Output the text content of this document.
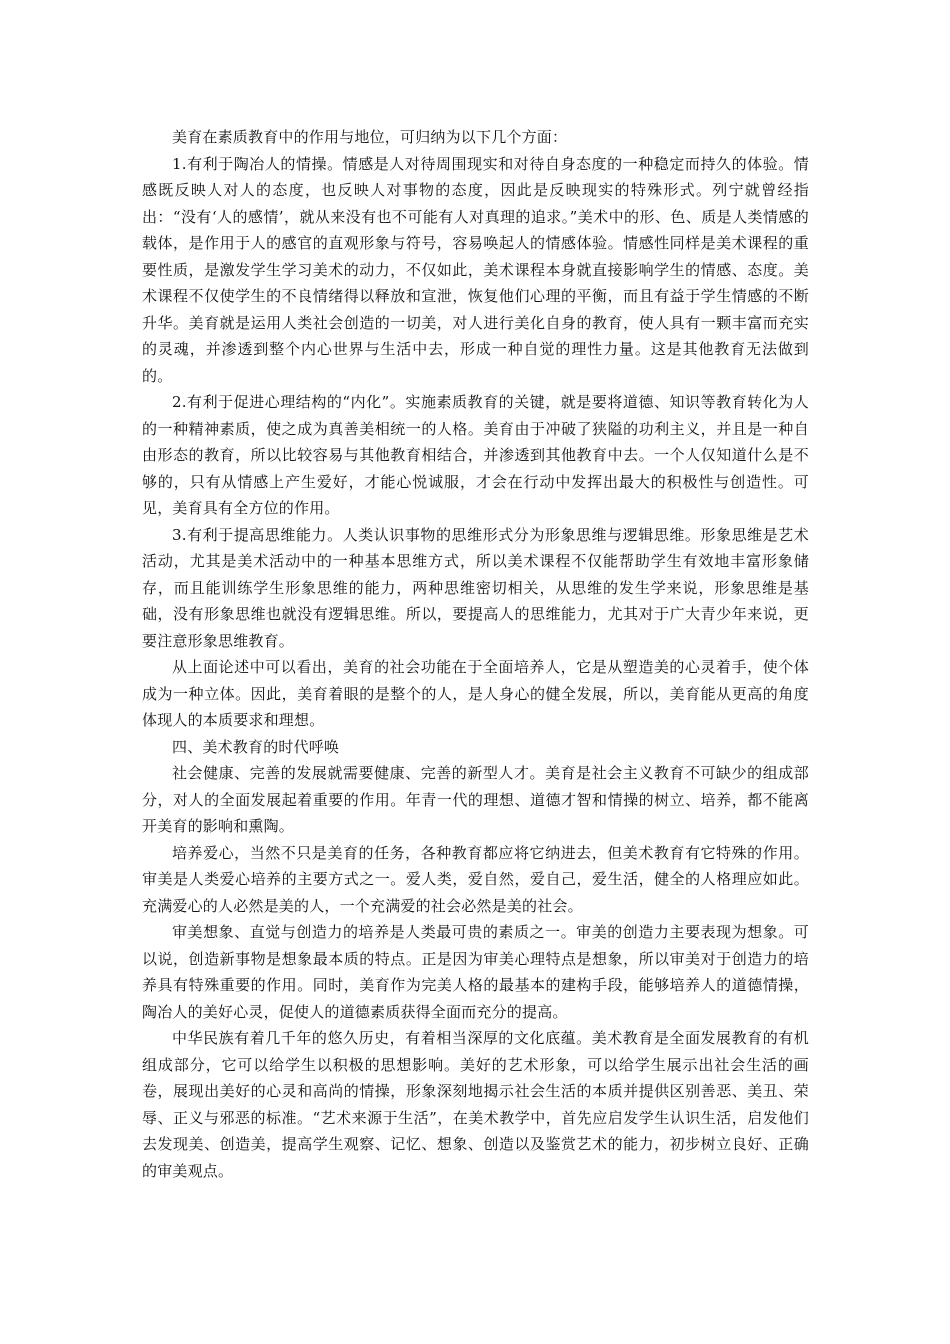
美育在素质教育中的作用与地位，可归纳为以下几个方面：

1.有利于陶冶人的情操。情感是人对待周围现实和对待自身态度的一种稳定而持久的体验。情感既反映人对人的态度，也反映人对事物的态度，因此是反映现实的特殊形式。列宁就曾经指出：“没有‘人的感情’，就从来没有也不可能有人对真理的追求。”美术中的形、色、质是人类情感的载体，是作用于人的感官的直观形象与符号，容易唤起人的情感体验。情感性同样是美术课程的重要性质，是激发学生学习美术的动力，不仅如此，美术课程本身就直接影响学生的情感、态度。美术课程不仅使学生的不良情绪得以释放和宣泄，恢复他们心理的平衡，而且有益于学生情感的不断升华。美育就是运用人类社会创造的一切美，对人进行美化自身的教育，使人具有一颗丰富而充实的灵魂，并渗透到整个内心世界与生活中去，形成一种自觉的理性力量。这是其他教育无法做到的。

2.有利于促进心理结构的“内化”。实施素质教育的关键，就是要将道德、知识等教育转化为人的一种精神素质，使之成为真善美相统一的人格。美育由于冲破了狭隘的功利主义，并且是一种自由形态的教育，所以比较容易与其他教育相结合，并渗透到其他教育中去。一个人仅知道什么是不够的，只有从情感上产生爱好，才能心悦诚服，才会在行动中发挥出最大的积极性与创造性。可见，美育具有全方位的作用。

3.有利于提高思维能力。人类认识事物的思维形式分为形象思维与逻辑思维。形象思维是艺术活动，尤其是美术活动中的一种基本思维方式，所以美术课程不仅能帮助学生有效地丰富形象储存，而且能训练学生形象思维的能力，两种思维密切相关，从思维的发生学来说，形象思维是基础，没有形象思维也就没有逻辑思维。所以，要提高人的思维能力，尤其对于广大青少年来说，更要注意形象思维教育。

从上面论述中可以看出，美育的社会功能在于全面培养人，它是从塑造美的心灵着手，使个体成为一种立体。因此，美育着眼的是整个的人，是人身心的健全发展，所以，美育能从更高的角度体现人的本质要求和理想。

四、美术教育的时代呼唤

社会健康、完善的发展就需要健康、完善的新型人才。美育是社会主义教育不可缺少的组成部分，对人的全面发展起着重要的作用。年青一代的理想、道德才智和情操的树立、培养，都不能离开美育的影响和熏陶。

培养爱心，当然不只是美育的任务，各种教育都应将它纳进去，但美术教育有它特殊的作用。审美是人类爱心培养的主要方式之一。爱人类，爱自然，爱自己，爱生活，健全的人格理应如此。充满爱心的人必然是美的人，一个充满爱的社会必然是美的社会。

审美想象、直觉与创造力的培养是人类最可贵的素质之一。审美的创造力主要表现为想象。可以说，创造新事物是想象最本质的特点。正是因为审美心理特点是想象，所以审美对于创造力的培养具有特殊重要的作用。同时，美育作为完美人格的最基本的建构手段，能够培养人的道德情操，陶冶人的美好心灵，促使人的道德素质获得全面而充分的提高。

中华民族有着几千年的悠久历史，有着相当深厚的文化底蕴。美术教育是全面发展教育的有机组成部分，它可以给学生以积极的思想影响。美好的艺术形象，可以给学生展示出社会生活的画卷，展现出美好的心灵和高尚的情操，形象深刻地揭示社会生活的本质并提供区别善恶、美丑、荣辱、正义与邪恶的标准。“艺术来源于生活”，在美术教学中，首先应启发学生认识生活，启发他们去发现美、创造美，提高学生观察、记忆、想象、创造以及鉴赏艺术的能力，初步树立良好、正确的审美观点。
